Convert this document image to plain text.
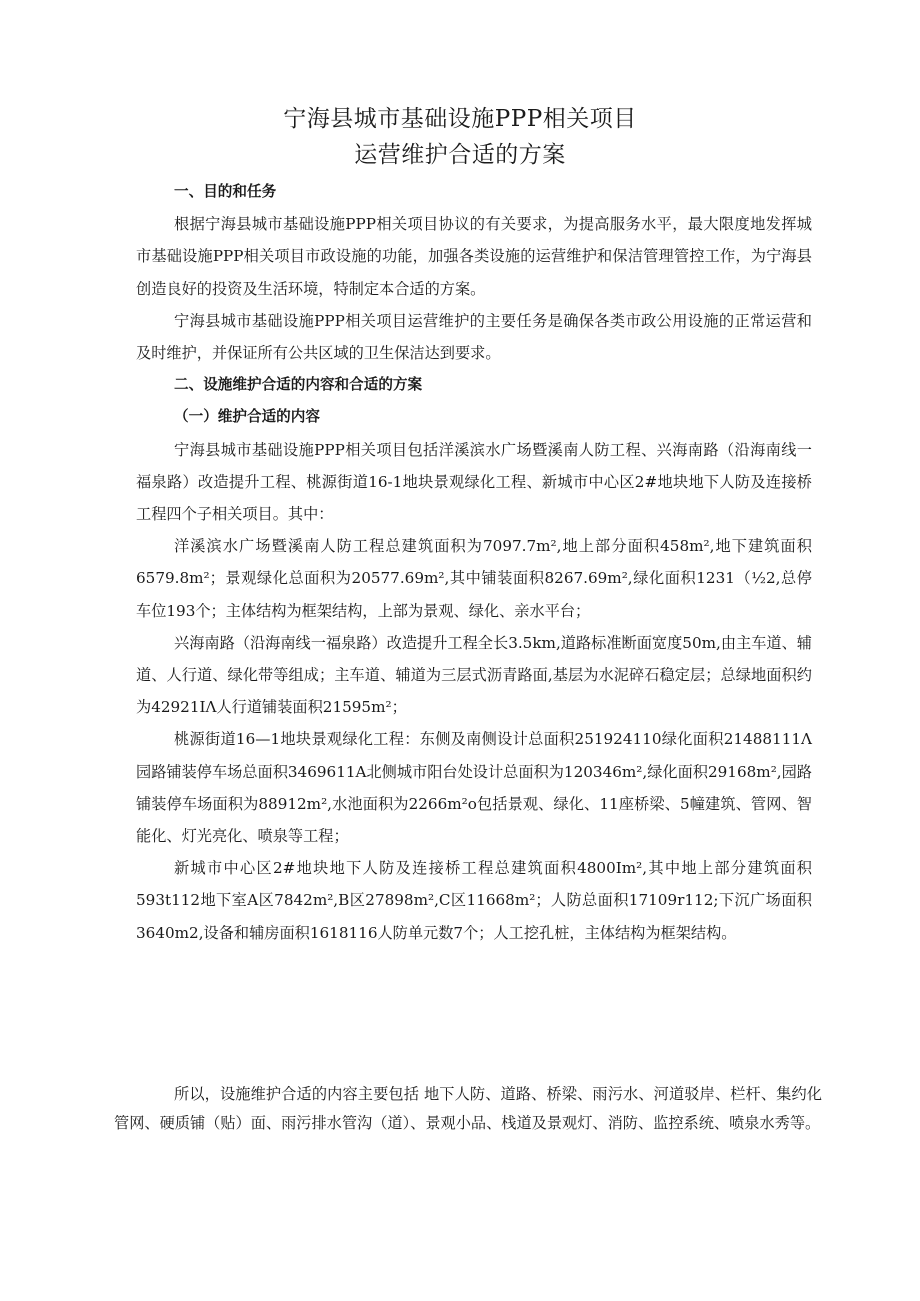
宁海县城市基础设施PPP相关项目
运营维护合适的方案
一、目的和任务

根据宁海县城市基础设施PPP相关项目协议的有关要求，为提高服务水平，最大限度地发挥城市基础设施PPP相关项目市政设施的功能，加强各类设施的运营维护和保洁管理管控工作，为宁海县创造良好的投资及生活环境，特制定本合适的方案。

宁海县城市基础设施PPP相关项目运营维护的主要任务是确保各类市政公用设施的正常运营和及时维护，并保证所有公共区域的卫生保洁达到要求。

二、设施维护合适的内容和合适的方案
（一）维护合适的内容

宁海县城市基础设施PPP相关项目包括洋溪滨水广场暨溪南人防工程、兴海南路（沿海南线一福泉路）改造提升工程、桃源街道16-1地块景观绿化工程、新城市中心区2#地块地下人防及连接桥工程四个子相关项目。其中：

洋溪滨水广场暨溪南人防工程总建筑面积为7097.7m²,地上部分面积458m²,地下建筑面积6579.8m²；景观绿化总面积为20577.69m²,其中铺装面积8267.69m²,绿化面积1231（½2,总停车位193个；主体结构为框架结构，上部为景观、绿化、亲水平台；

兴海南路（沿海南线一福泉路）改造提升工程全长3.5km,道路标准断面宽度50m,由主车道、辅道、人行道、绿化带等组成；主车道、辅道为三层式沥青路面,基层为水泥碎石稳定层；总绿地面积约为42921IΛ人行道铺装面积21595m²；

桃源街道16—1地块景观绿化工程：东侧及南侧设计总面积251924110绿化面积21488111Λ园路铺装停车场总面积3469611A北侧城市阳台处设计总面积为120346m²,绿化面积29168m²,园路铺装停车场面积为88912m²,水池面积为2266m²o包括景观、绿化、11座桥梁、5幢建筑、管网、智能化、灯光亮化、喷泉等工程；

新城市中心区2#地块地下人防及连接桥工程总建筑面积4800Im²,其中地上部分建筑面积593t112地下室A区7842m²,B区27898m²,C区11668m²；人防总面积17109r112;下沉广场面积3640m2,设备和辅房面积1618116人防单元数7个；人工挖孔桩，主体结构为框架结构。

所以，设施维护合适的内容主要包括 地下人防、道路、桥梁、雨污水、河道驳岸、栏杆、集约化管网、硬质铺（贴）面、雨污排水管沟（道）、景观小品、栈道及景观灯、消防、监控系统、喷泉水秀等。
